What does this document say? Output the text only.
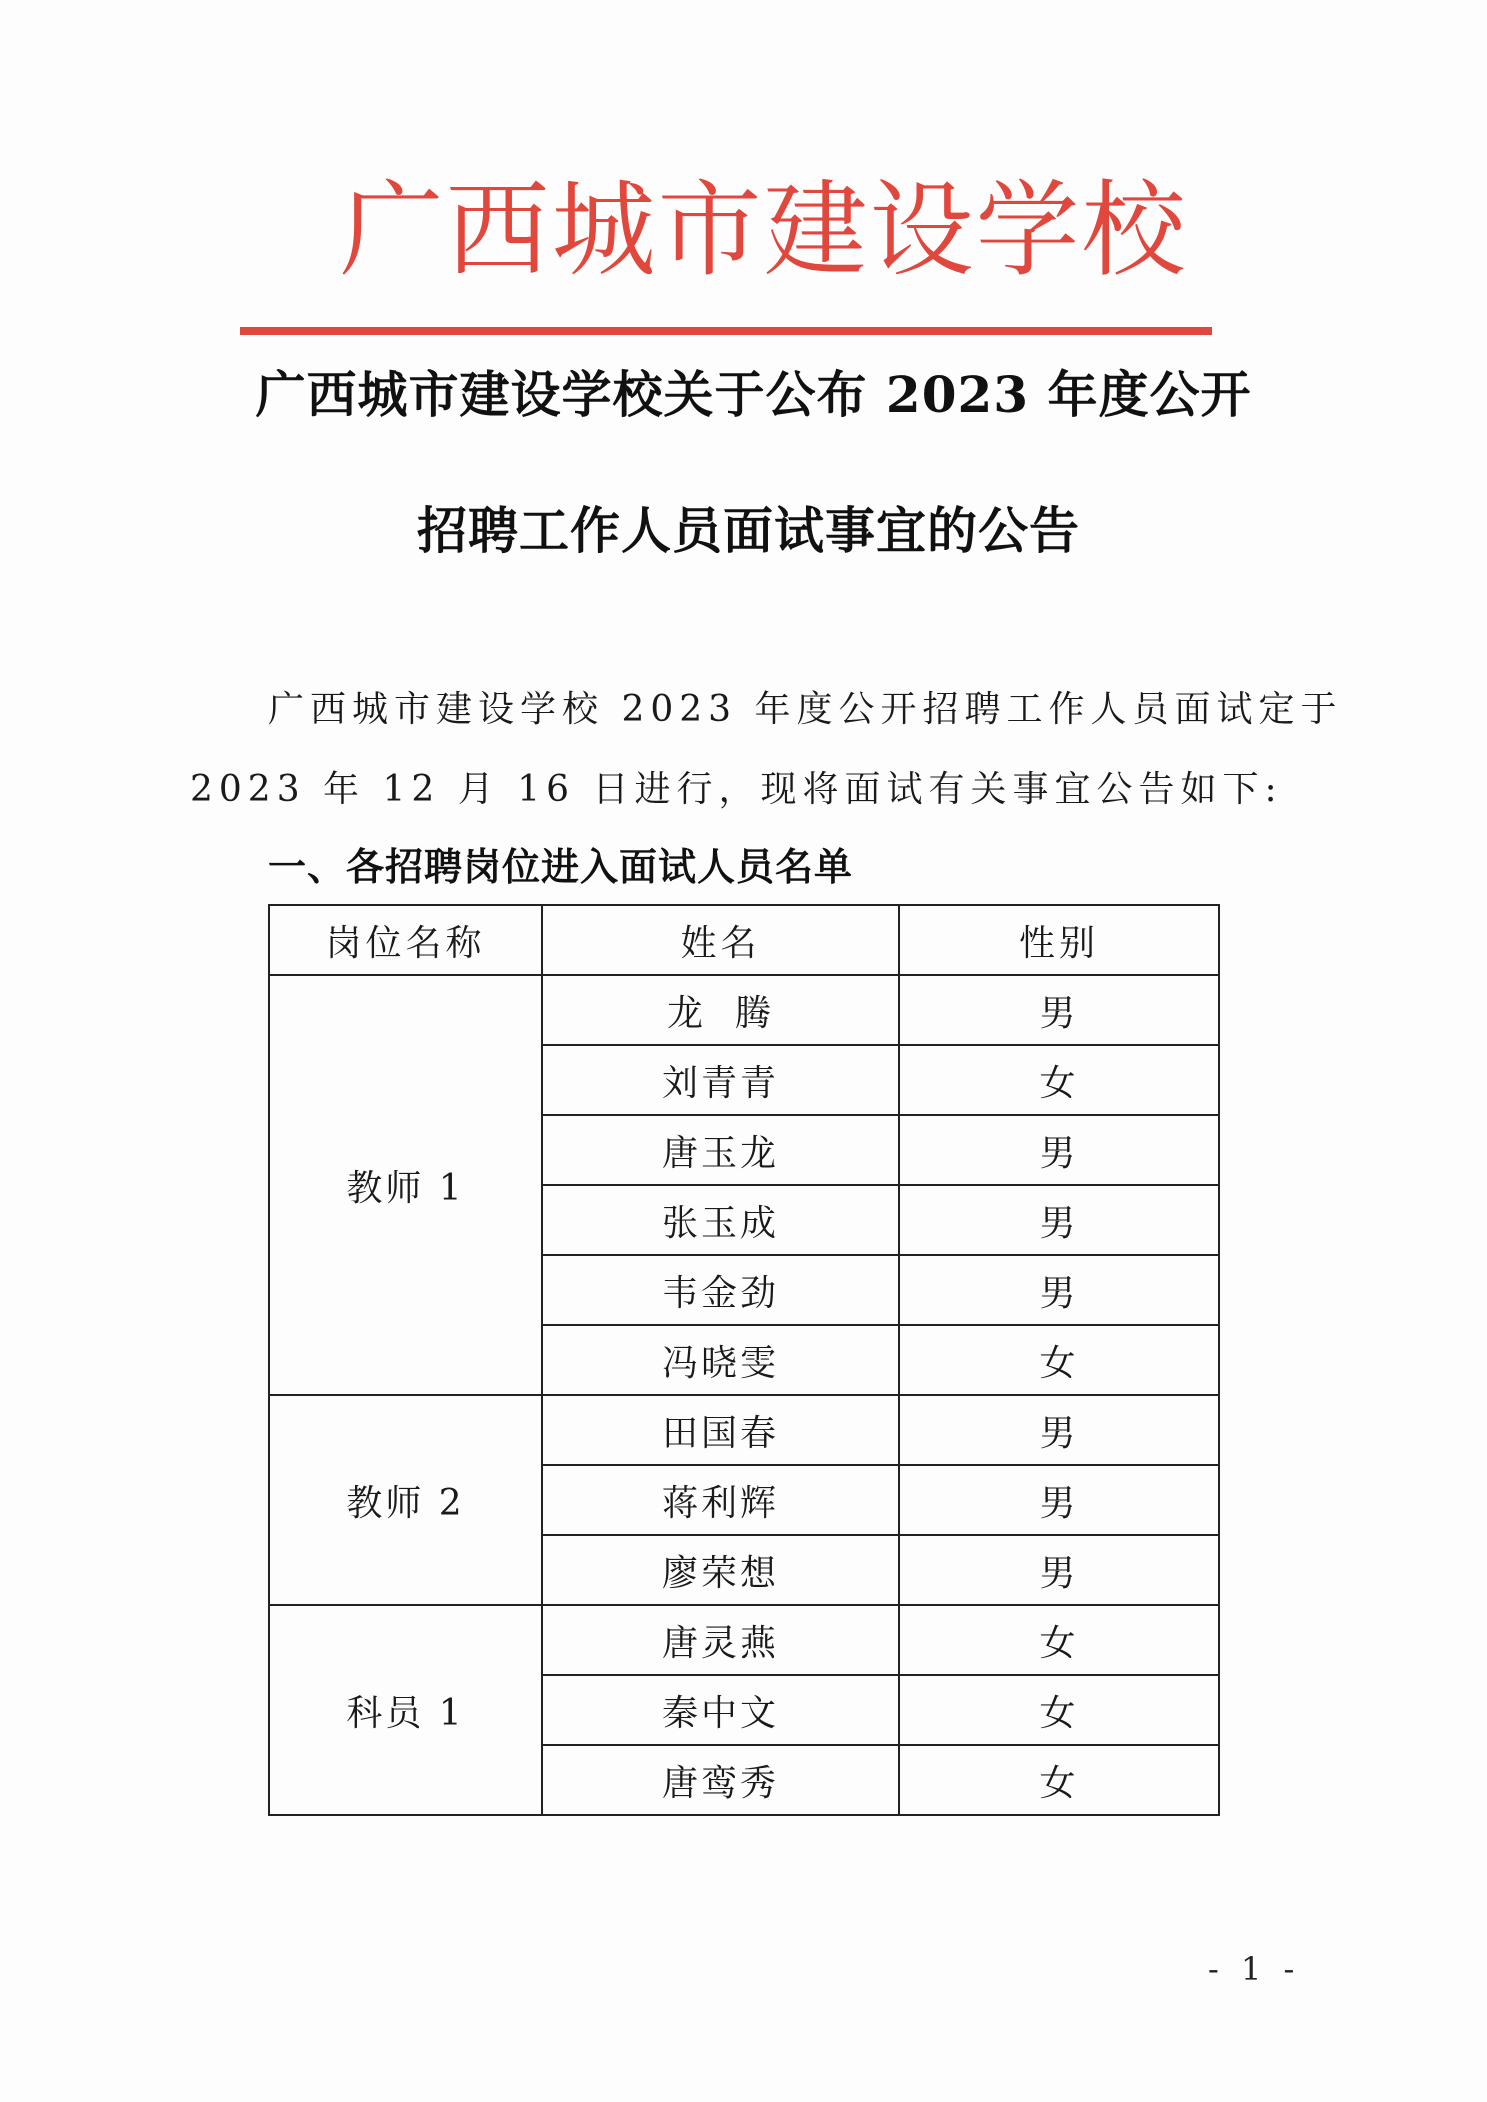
广西城市建设学校
广西城市建设学校关于公布 2023 年度公开
招聘工作人员面试事宜的公告
广西城市建设学校 2023 年度公开招聘工作人员面试定于
2023 年 12 月 16 日进行，现将面试有关事宜公告如下:
一、各招聘岗位进入面试人员名单
岗位名称	姓名	性别
教师 1	龙  腾	男
	刘青青	女
	唐玉龙	男
	张玉成	男
	韦金劲	男
	冯晓雯	女
教师 2	田国春	男
	蒋利辉	男
	廖荣想	男
科员 1	唐灵燕	女
	秦中文	女
	唐鸾秀	女
- 1 -
